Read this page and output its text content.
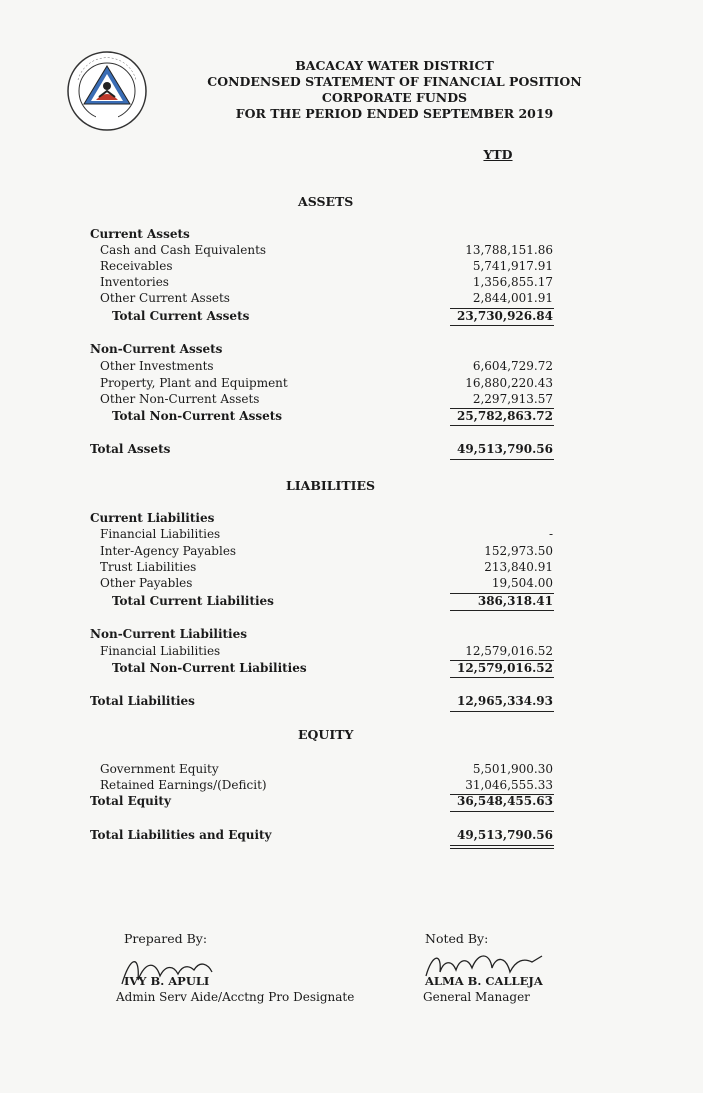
BACACAY WATER DISTRICT
CONDENSED STATEMENT OF FINANCIAL POSITION
CORPORATE FUNDS
FOR THE PERIOD ENDED SEPTEMBER 2019
YTD
ASSETS
Current Assets
Cash and Cash Equivalents	13,788,151.86
Receivables	5,741,917.91
Inventories	1,356,855.17
Other Current Assets	2,844,001.91
Total Current Assets	23,730,926.84
Non-Current Assets
Other Investments	6,604,729.72
Property, Plant and Equipment	16,880,220.43
Other Non-Current Assets	2,297,913.57
Total Non-Current Assets	25,782,863.72
Total Assets	49,513,790.56
LIABILITIES
Current Liabilities
Financial Liabilities	-
Inter-Agency Payables	152,973.50
Trust Liabilities	213,840.91
Other Payables	19,504.00
Total Current Liabilities	386,318.41
Non-Current Liabilities
Financial Liabilities	12,579,016.52
Total Non-Current Liabilities	12,579,016.52
Total Liabilities	12,965,334.93
EQUITY
Government Equity	5,501,900.30
Retained Earnings/(Deficit)	31,046,555.33
Total Equity	36,548,455.63
Total Liabilities and Equity	49,513,790.56
Prepared By:
IVY B. APULI
Admin Serv Aide/Acctng Pro Designate
Noted By:
ALMA B. CALLEJA
General Manager
